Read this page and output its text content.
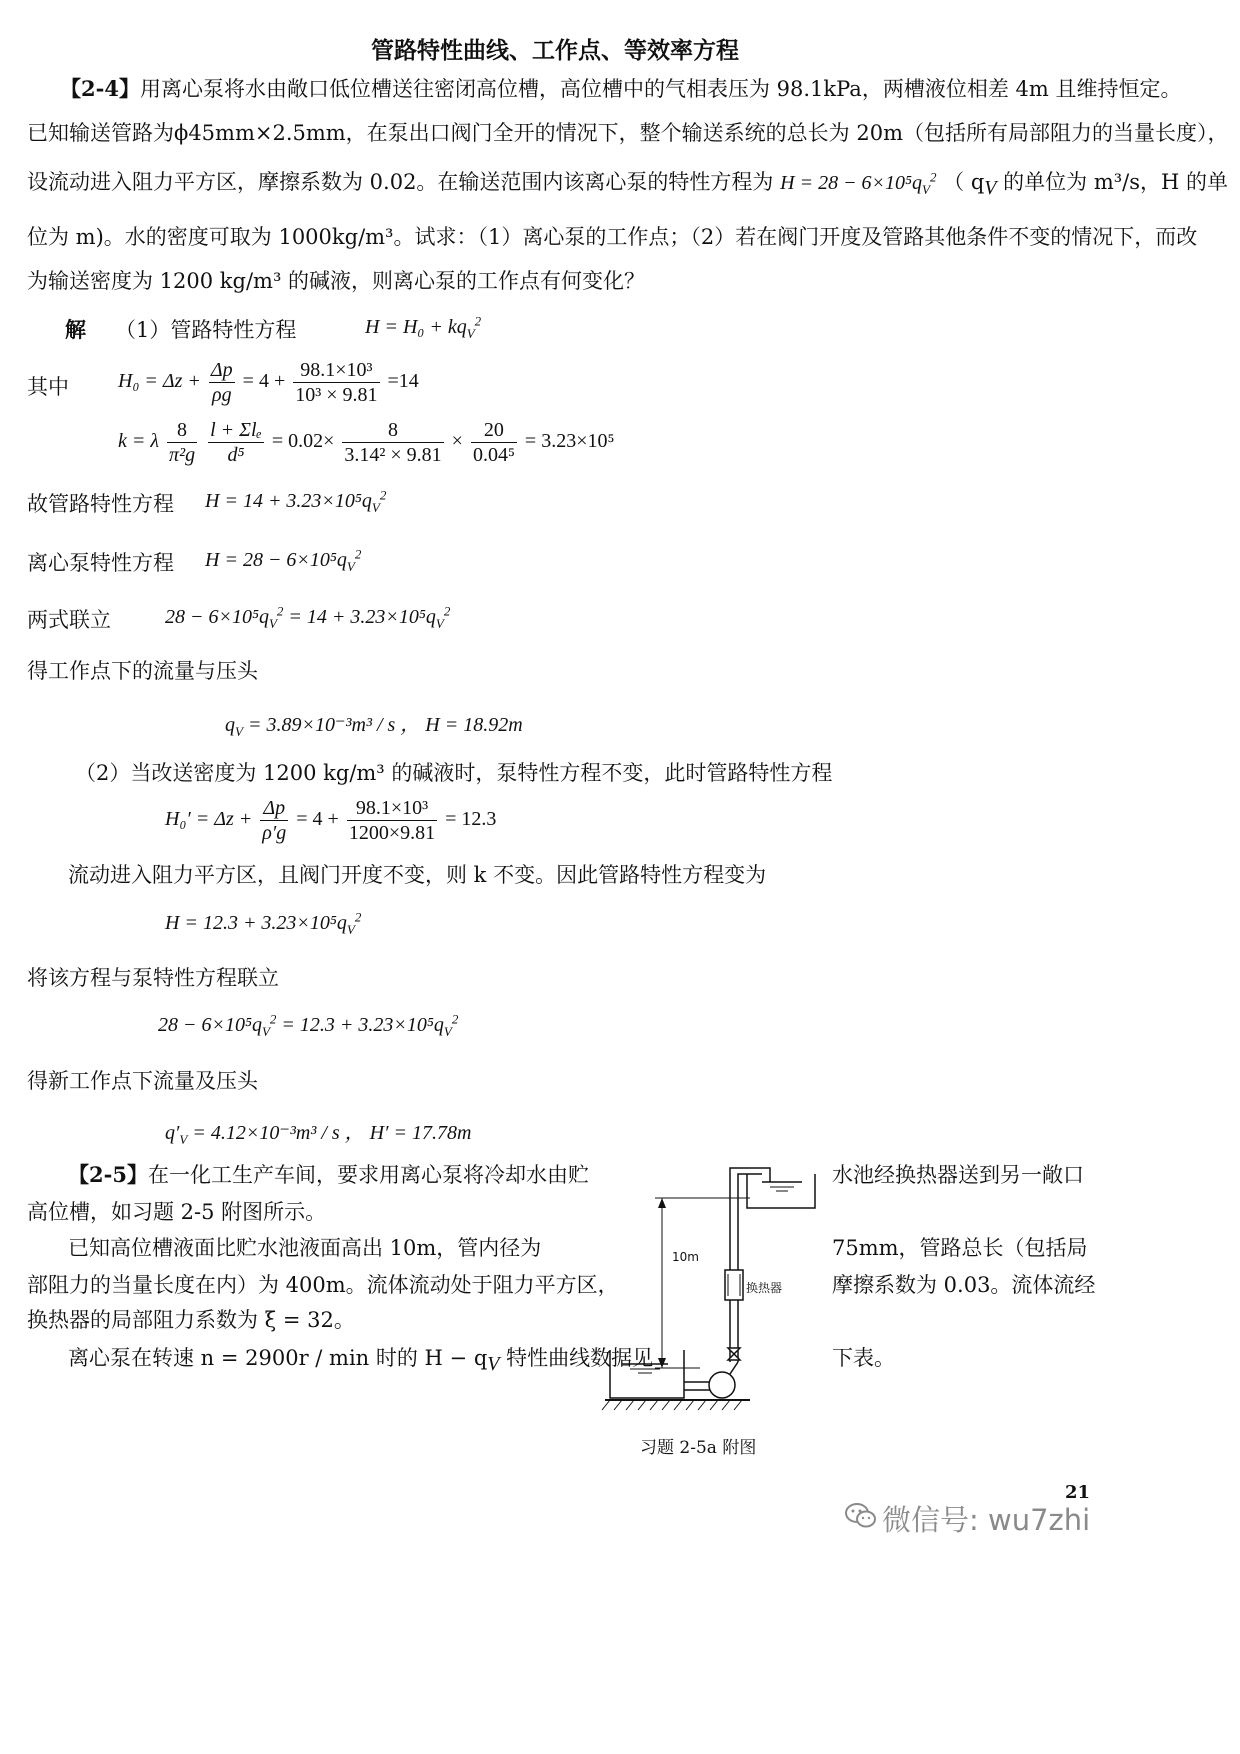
管路特性曲线、工作点、等效率方程
【2-4】用离心泵将水由敞口低位槽送往密闭高位槽，高位槽中的气相表压为 98.1kPa，两槽液位相差 4m 且维持恒定。
已知输送管路为ϕ45mm×2.5mm，在泵出口阀门全开的情况下，整个输送系统的总长为 20m（包括所有局部阻力的当量长度），
设流动进入阻力平方区，摩擦系数为 0.02。在输送范围内该离心泵的特性方程为 $H = 28 - 6\times 10^5q_V^2$ （ $q_V$ 的单位为 m³/s，H 的单
位为 m)。水的密度可取为 1000kg/m³。试求：（1）离心泵的工作点；（2）若在阀门开度及管路其他条件不变的情况下，而改
为输送密度为 1200 kg/m³ 的碱液，则离心泵的工作点有何变化？
解 （1）管路特性方程	$H = H_0 + kq_V^2$
其中 $H_0 = \Delta z + \frac{\Delta p}{\rho g} = 4 + \frac{\text{98.1×10³}}{\text{10³ × 9.81}} =14$
k = λ $\frac{8}{\text{π²g}}$
$\frac{\text{l + Σlₑ}}{\text{d⁵}} = 0.02\times \frac{8}{\text{3.14² × 9.81}} \times \frac{20}{\text{0.04⁵}} = 3.23\times 10^5$
故管路特性方程 $H = 14 + 3.23\times 10^5q_V^2$
离心泵特性方程 $H = 28 - 6\times 10^5q_V^2$
两式联立	$28 - 6\times 10^5q_V^2 = 14 + 3.23\times 10^5q_V^2$
得工作点下的流量与压头
$q_V = 3.89\times 10^{-3}m^3 / s$ ， H = 18.92m
（2）当改送密度为 1200 kg/m³ 的碱液时，泵特性方程不变，此时管路特性方程
$H_0' = \Delta z + \frac{\Delta p}{\rho'g} = 4 + \frac{\text{98.1×10³}}{1200\times 9.81} = 12.3$
流动进入阻力平方区，且阀门开度不变，则 k 不变。因此管路特性方程变为
$H = 12.3 + 3.23\times 10^5q_V^2$
将该方程与泵特性方程联立
$28 - 6\times 10^5q_V^2 = 12.3 + 3.23\times 10^5q_V^2$
得新工作点下流量及压头
$q'_V = 4.12\times 10^{-3}m^3 / s$ ， H′ = 17.78m
【2-5】在一化工生产车间，要求用离心泵将冷却水由贮	水池经换热器送到另一敞口
高位槽，如习题 2-5 附图所示。
已知高位槽液面比贮水池液面高出 10m，管内径为	75mm，管路总长（包括局
部阻力的当量长度在内）为 400m。流体流动处于阻力平方区，	摩擦系数为 0.03。流体流经
换热器的局部阻力系数为 ξ = 32。
离心泵在转速 n = 2900r / min 时的 $H - q_V$ 特性曲线数据见	下表。
10m
换热器
习题 2-5a 附图
21
微信号: wu7zhi
